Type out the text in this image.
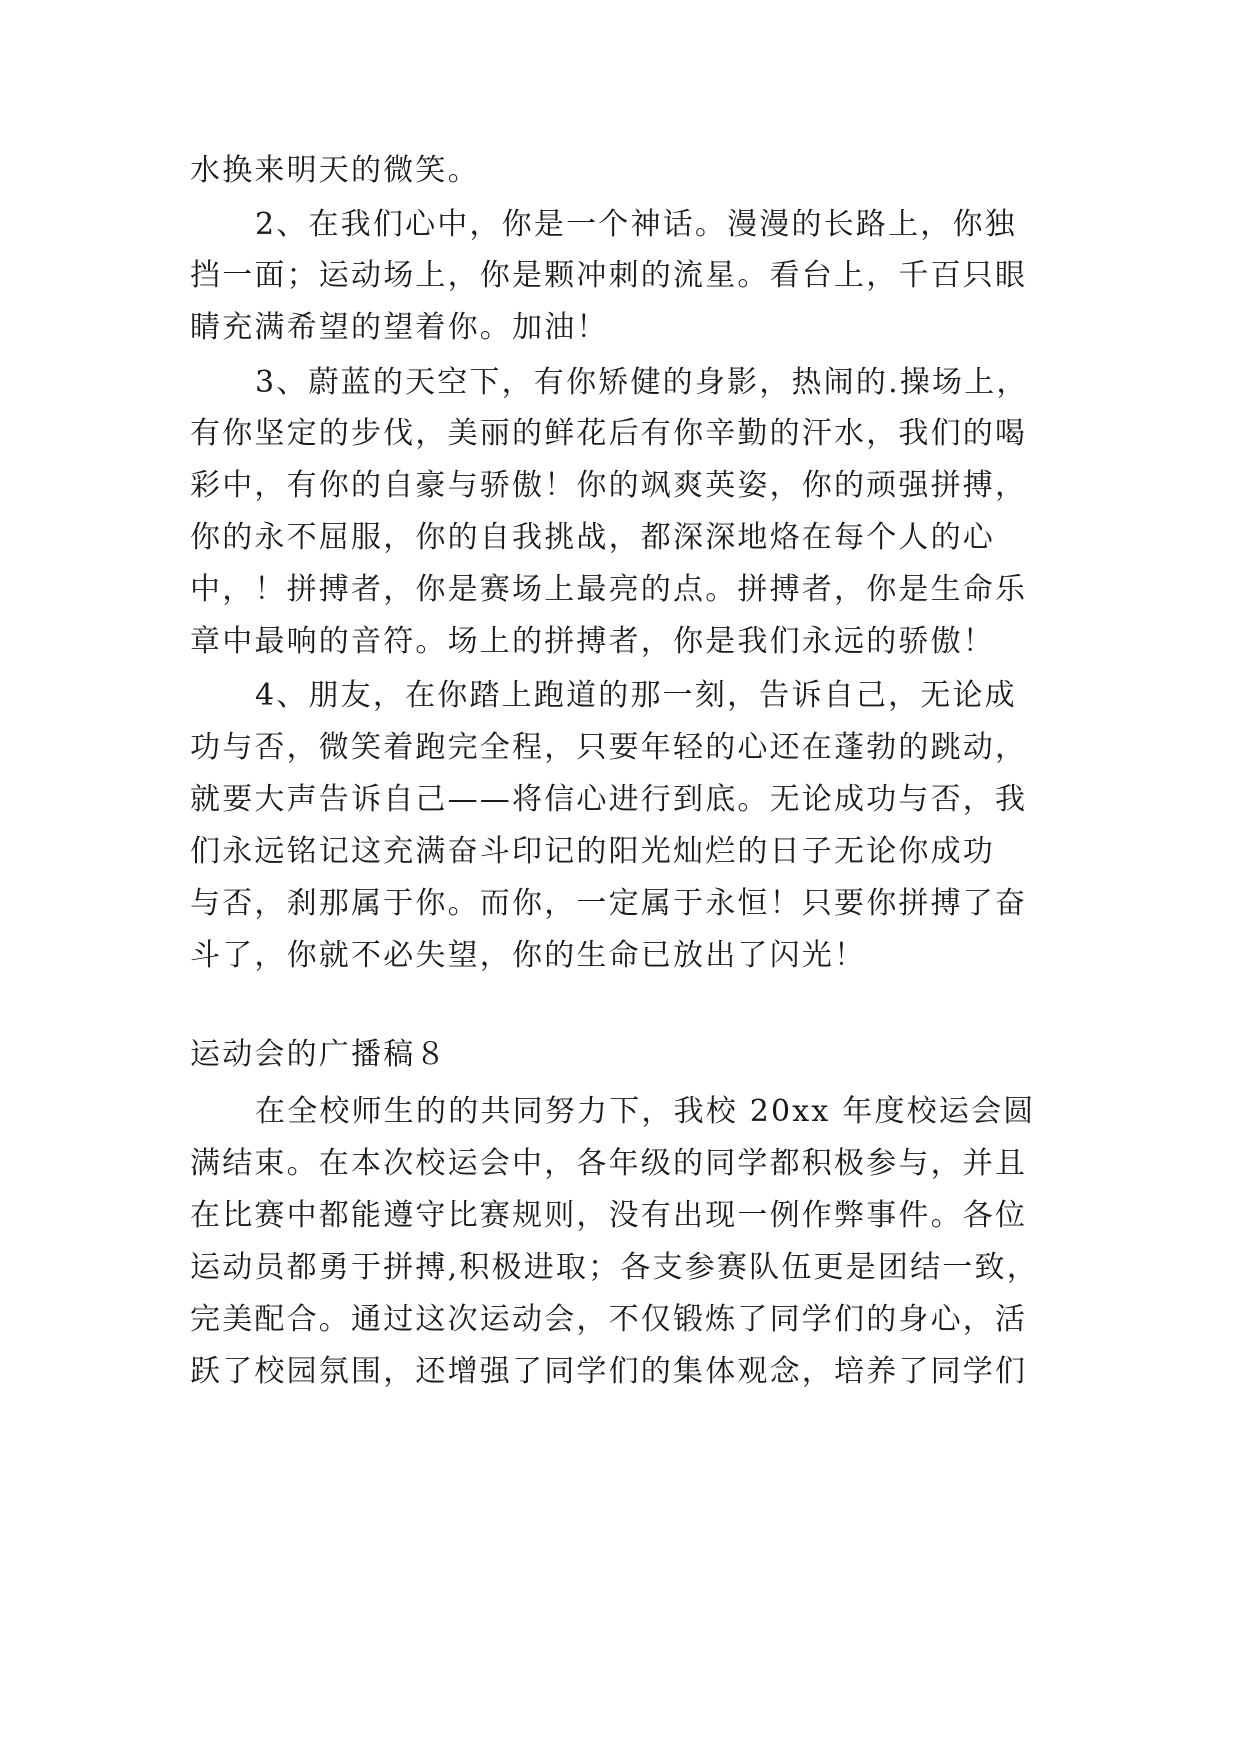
水换来明天的微笑。
2、在我们心中，你是一个神话。漫漫的长路上，你独
挡一面；运动场上，你是颗冲刺的流星。看台上，千百只眼
睛充满希望的望着你。加油！
3、蔚蓝的天空下，有你矫健的身影，热闹的.操场上，
有你坚定的步伐，美丽的鲜花后有你辛勤的汗水，我们的喝
彩中，有你的自豪与骄傲！你的飒爽英姿，你的顽强拼搏，
你的永不屈服，你的自我挑战，都深深地烙在每个人的心
中，！拼搏者，你是赛场上最亮的点。拼搏者，你是生命乐
章中最响的音符。场上的拼搏者，你是我们永远的骄傲！
4、朋友，在你踏上跑道的那一刻，告诉自己，无论成
功与否，微笑着跑完全程，只要年轻的心还在蓬勃的跳动，
就要大声告诉自己——将信心进行到底。无论成功与否，我
们永远铭记这充满奋斗印记的阳光灿烂的日子无论你成功
与否，刹那属于你。而你，一定属于永恒！只要你拼搏了奋
斗了，你就不必失望，你的生命已放出了闪光！
运动会的广播稿８
在全校师生的的共同努力下，我校 20xx 年度校运会圆
满结束。在本次校运会中，各年级的同学都积极参与，并且
在比赛中都能遵守比赛规则，没有出现一例作弊事件。各位
运动员都勇于拼搏,积极进取；各支参赛队伍更是团结一致，
完美配合。通过这次运动会，不仅锻炼了同学们的身心，活
跃了校园氛围，还增强了同学们的集体观念，培养了同学们
